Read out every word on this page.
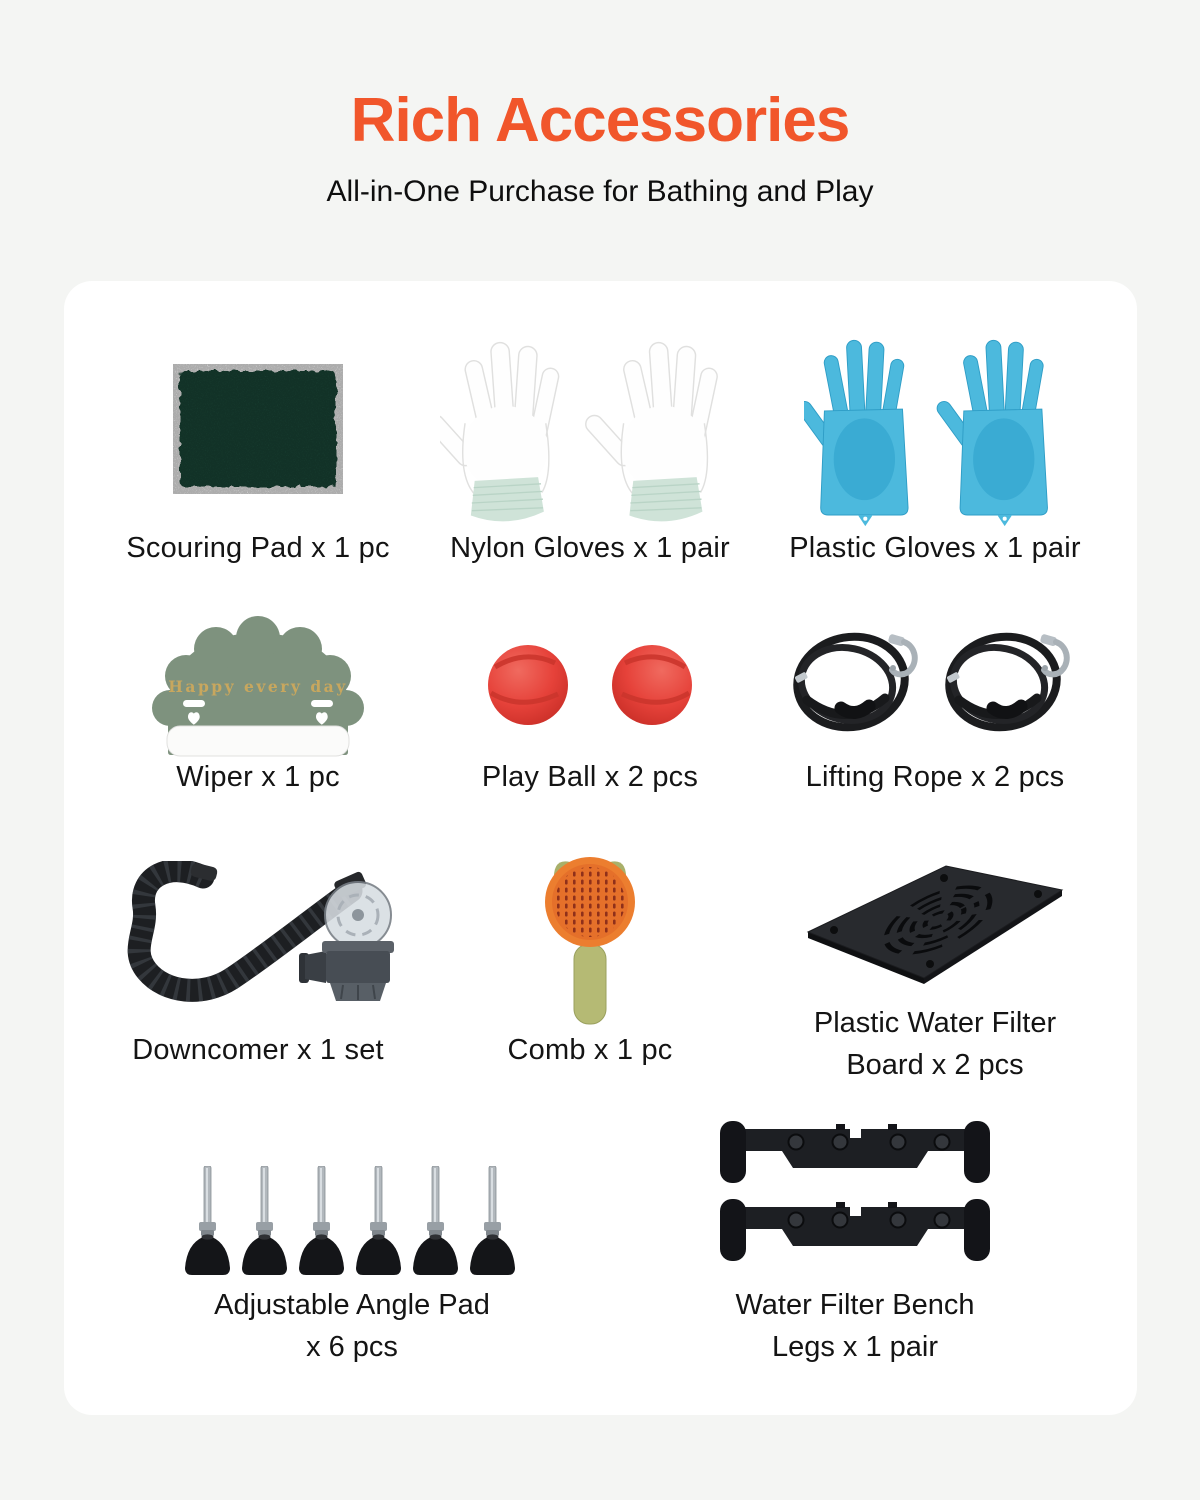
Rich Accessories

All-in-One Purchase for Bathing and Play

Scouring Pad x 1 pc Nylon Gloves x 1 pair Plastic Gloves x 1 pair
Happy every day
Wiper x 1 pc	Play Ball x 2 pcs	Lifting Rope x 2 pcs
Downcomer x 1 set	Comb x 1 pc
Plastic Water Filter
Board x 2 pcs
Adjustable Angle Pad
x 6 pcs
Water Filter Bench
Legs x 1 pair
